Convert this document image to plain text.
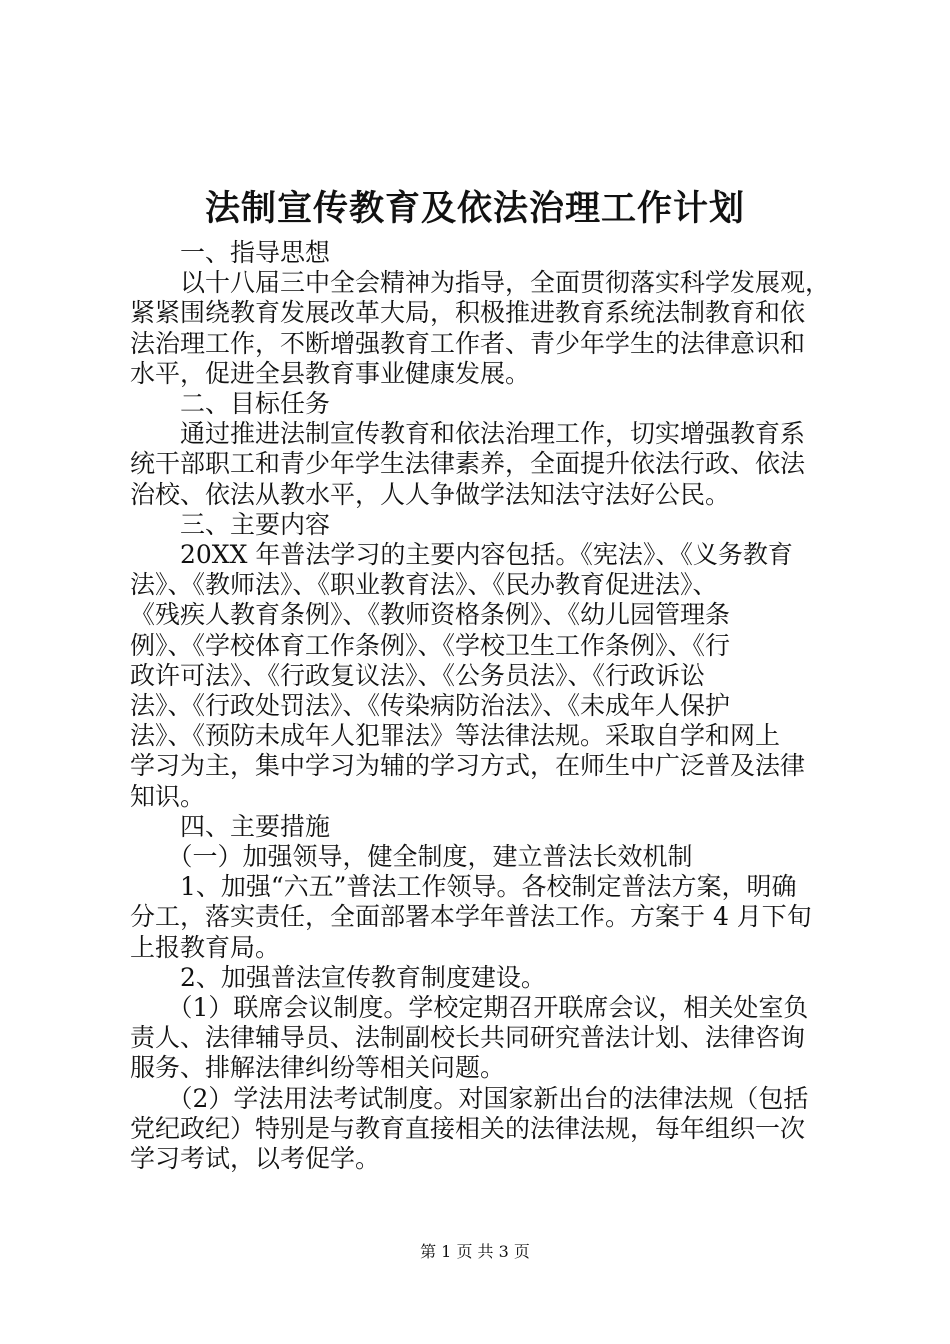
法制宣传教育及依法治理工作计划
　　一、指导思想
　　以十八届三中全会精神为指导，全面贯彻落实科学发展观，
紧紧围绕教育发展改革大局，积极推进教育系统法制教育和依
法治理工作，不断增强教育工作者、青少年学生的法律意识和
水平，促进全县教育事业健康发展。
　　二、目标任务
　　通过推进法制宣传教育和依法治理工作，切实增强教育系
统干部职工和青少年学生法律素养，全面提升依法行政、依法
治校、依法从教水平，人人争做学法知法守法好公民。
　　三、主要内容
　　20XX 年普法学习的主要内容包括。《宪法》、《义务教育
法》、《教师法》、《职业教育法》、《民办教育促进法》、
《残疾人教育条例》、《教师资格条例》、《幼儿园管理条
例》、《学校体育工作条例》、《学校卫生工作条例》、《行
政许可法》、《行政复议法》、《公务员法》、《行政诉讼
法》、《行政处罚法》、《传染病防治法》、《未成年人保护
法》、《预防未成年人犯罪法》等法律法规。采取自学和网上
学习为主，集中学习为辅的学习方式，在师生中广泛普及法律
知识。
　　四、主要措施
　　（一）加强领导，健全制度，建立普法长效机制
　　1、加强“六五”普法工作领导。各校制定普法方案，明确
分工，落实责任，全面部署本学年普法工作。方案于 4 月下旬
上报教育局。
　　2、加强普法宣传教育制度建设。
　　（1）联席会议制度。学校定期召开联席会议，相关处室负
责人、法律辅导员、法制副校长共同研究普法计划、法律咨询
服务、排解法律纠纷等相关问题。
　　（2）学法用法考试制度。对国家新出台的法律法规（包括
党纪政纪）特别是与教育直接相关的法律法规，每年组织一次
学习考试，以考促学。
第 1 页 共 3 页
